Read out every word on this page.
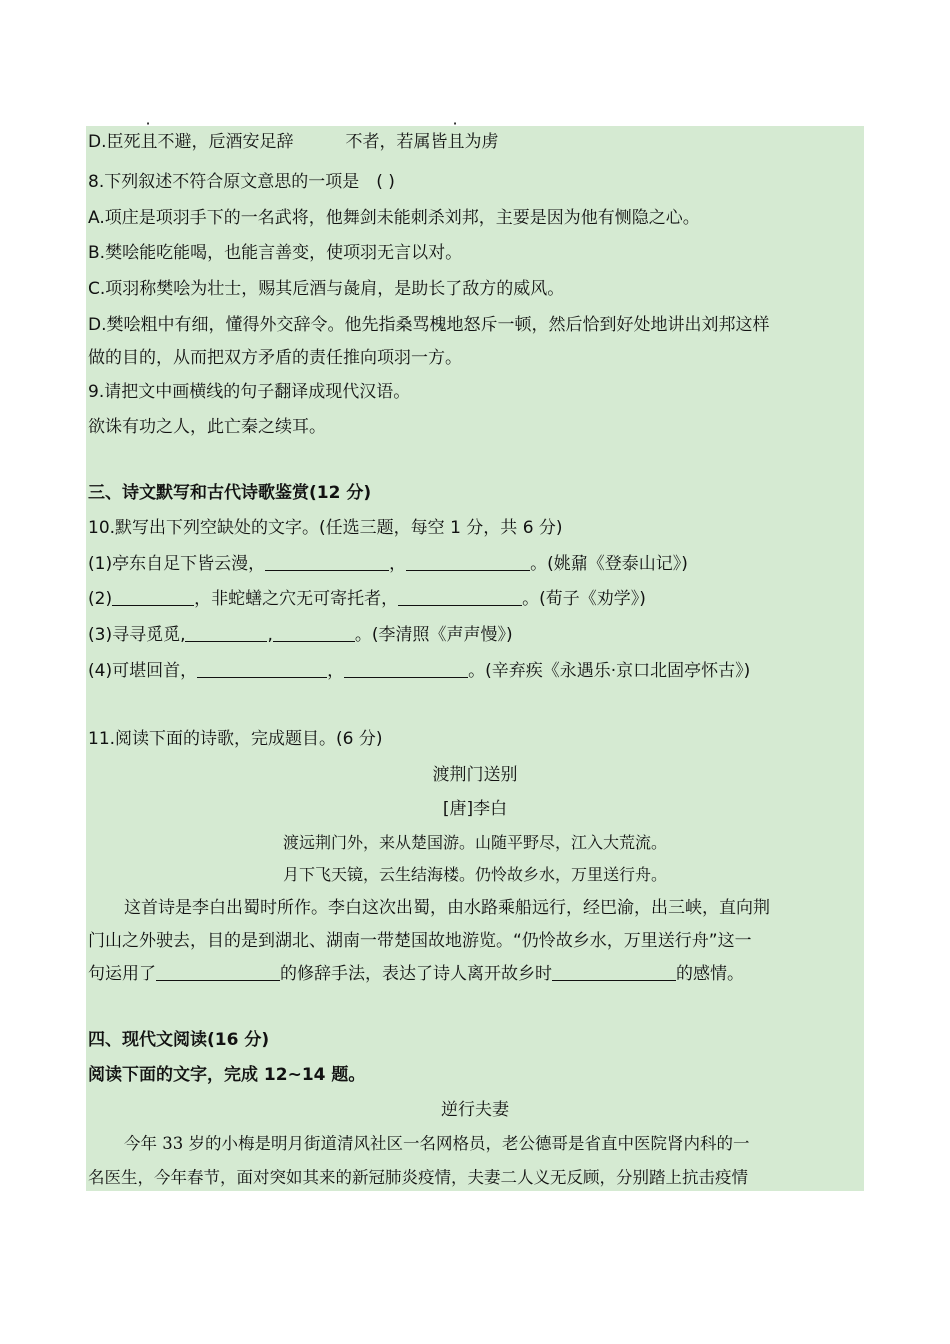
D.臣死且不避，卮酒安足辞	不者，若属皆且为虏
8.下列叙述不符合原文意思的一项是　( )
A.项庄是项羽手下的一名武将，他舞剑未能刺杀刘邦，主要是因为他有恻隐之心。
B.樊哙能吃能喝，也能言善变，使项羽无言以对。
C.项羽称樊哙为壮士，赐其卮酒与彘肩，是助长了敌方的威风。
D.樊哙粗中有细，懂得外交辞令。他先指桑骂槐地怒斥一顿，然后恰到好处地讲出刘邦这样
做的目的，从而把双方矛盾的责任推向项羽一方。
9.请把文中画横线的句子翻译成现代汉语。
欲诛有功之人，此亡秦之续耳。
三、诗文默写和古代诗歌鉴赏(12 分)
10.默写出下列空缺处的文字。(任选三题，每空 1 分，共 6 分)
(1)亭东自足下皆云漫，	，	。(姚鼐《登泰山记》)
(2)	，非蛇蟮之穴无可寄托者，	。(荀子《劝学》)
(3)寻寻觅觅,	,	。(李清照《声声慢》)
(4)可堪回首，	，	。(辛弃疾《永遇乐·京口北固亭怀古》)
11.阅读下面的诗歌，完成题目。(6 分)
渡荆门送别
[唐]李白
渡远荆门外，来从楚国游。山随平野尽，江入大荒流。
月下飞天镜，云生结海楼。仍怜故乡水，万里送行舟。
这首诗是李白出蜀时所作。李白这次出蜀，由水路乘船远行，经巴渝，出三峡，直向荆
门山之外驶去，目的是到湖北、湖南一带楚国故地游览。“仍怜故乡水，万里送行舟”这一
句运用了	的修辞手法，表达了诗人离开故乡时	的感情。
四、现代文阅读(16 分)
阅读下面的文字，完成 12~14 题。
逆行夫妻
今年 33 岁的小梅是明月街道清风社区一名网格员，老公德哥是省直中医院肾内科的一
名医生，今年春节，面对突如其来的新冠肺炎疫情，夫妻二人义无反顾，分别踏上抗击疫情
